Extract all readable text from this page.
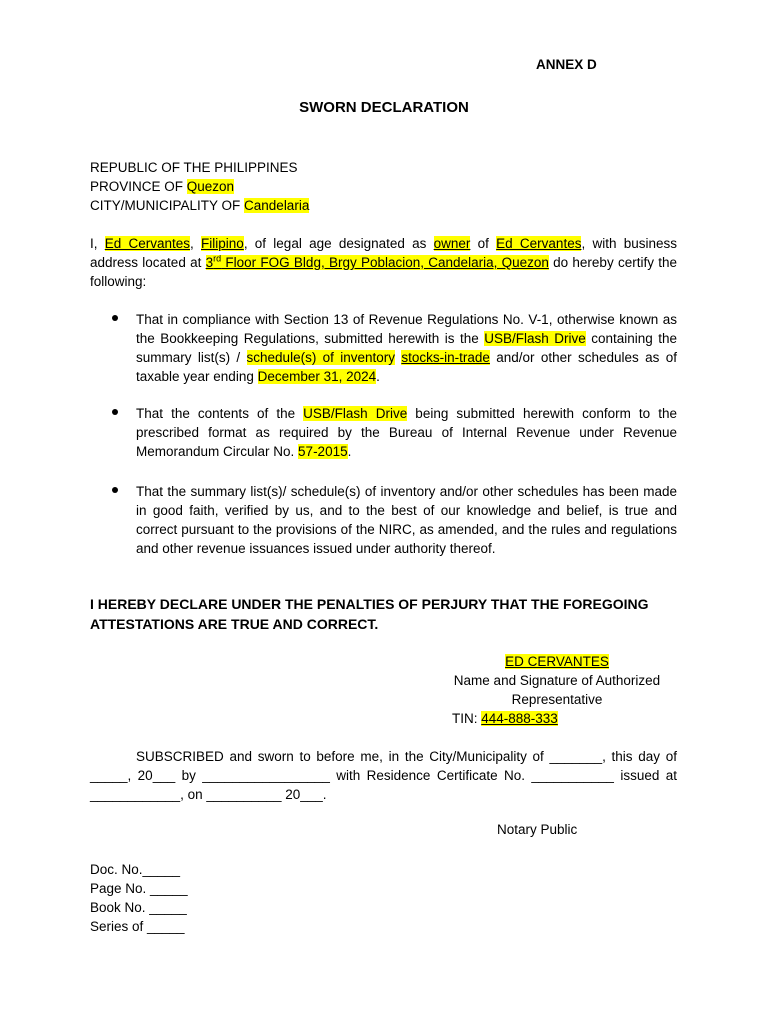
ANNEX D
SWORN DECLARATION
REPUBLIC OF THE PHILIPPINES
PROVINCE OF Quezon
CITY/MUNICIPALITY OF Candelaria
I, Ed Cervantes, Filipino, of legal age designated as owner of Ed Cervantes, with business address located at 3rd Floor FOG Bldg, Brgy Poblacion, Candelaria, Quezon do hereby certify the following:
That in compliance with Section 13 of Revenue Regulations No. V-1, otherwise known as the Bookkeeping Regulations, submitted herewith is the USB/Flash Drive containing the summary list(s) / schedule(s) of inventory stocks-in-trade and/or other schedules as of taxable year ending December 31, 2024.
That the contents of the USB/Flash Drive being submitted herewith conform to the prescribed format as required by the Bureau of Internal Revenue under Revenue Memorandum Circular No. 57-2015.
That the summary list(s)/ schedule(s) of inventory and/or other schedules has been made in good faith, verified by us, and to the best of our knowledge and belief, is true and correct pursuant to the provisions of the NIRC, as amended, and the rules and regulations and other revenue issuances issued under authority thereof.
I HEREBY DECLARE UNDER THE PENALTIES OF PERJURY THAT THE FOREGOING ATTESTATIONS ARE TRUE AND CORRECT.
ED CERVANTES
Name and Signature of Authorized Representative
TIN: 444-888-333
SUBSCRIBED and sworn to before me, in the City/Municipality of _______, this day of _____, 20___ by _________________ with Residence Certificate No. ___________ issued at ____________, on __________ 20___.
Notary Public
Doc. No._____
Page No. _____
Book No. _____
Series of _____
